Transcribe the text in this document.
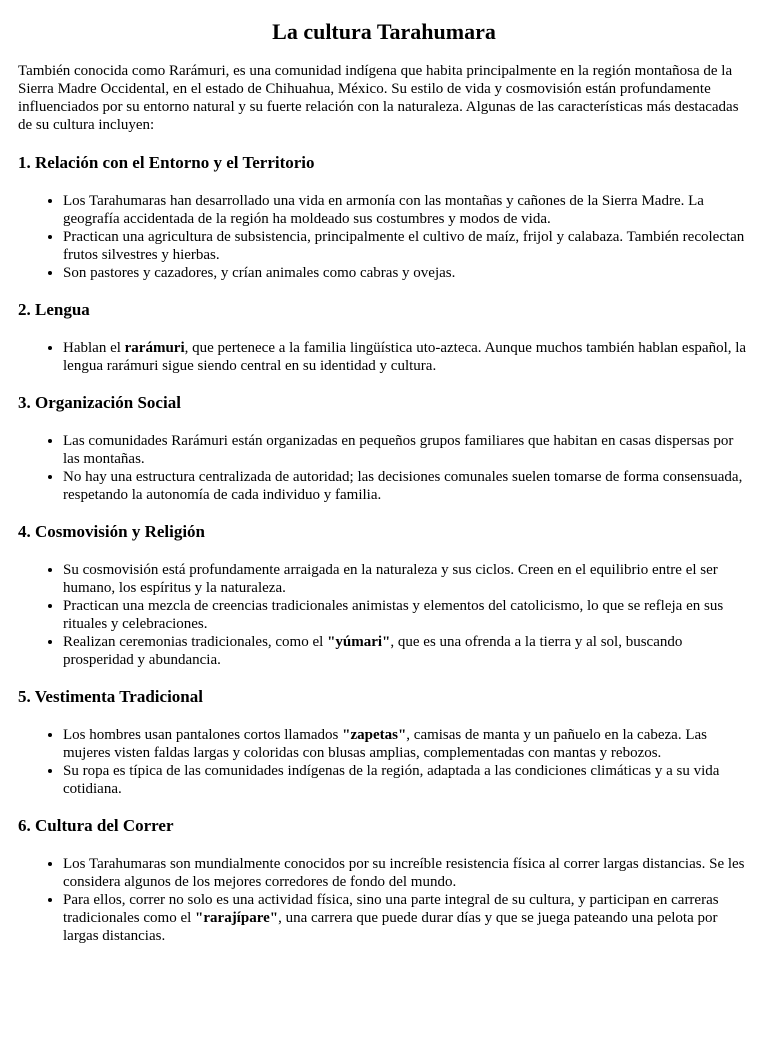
La cultura Tarahumara

También conocida como Rarámuri, es una comunidad indígena que habita principalmente en la región montañosa de la Sierra Madre Occidental, en el estado de Chihuahua, México. Su estilo de vida y cosmovisión están profundamente influenciados por su entorno natural y su fuerte relación con la naturaleza. Algunas de las características más destacadas de su cultura incluyen:

1. Relación con el Entorno y el Territorio
• Los Tarahumaras han desarrollado una vida en armonía con las montañas y cañones de la Sierra Madre. La geografía accidentada de la región ha moldeado sus costumbres y modos de vida.
• Practican una agricultura de subsistencia, principalmente el cultivo de maíz, frijol y calabaza. También recolectan frutos silvestres y hierbas.
• Son pastores y cazadores, y crían animales como cabras y ovejas.
2. Lengua
• Hablan el rarámuri, que pertenece a la familia lingüística uto-azteca. Aunque muchos también hablan español, la lengua rarámuri sigue siendo central en su identidad y cultura.
3. Organización Social
• Las comunidades Rarámuri están organizadas en pequeños grupos familiares que habitan en casas dispersas por las montañas.
• No hay una estructura centralizada de autoridad; las decisiones comunales suelen tomarse de forma consensuada, respetando la autonomía de cada individuo y familia.
4. Cosmovisión y Religión
• Su cosmovisión está profundamente arraigada en la naturaleza y sus ciclos. Creen en el equilibrio entre el ser humano, los espíritus y la naturaleza.
• Practican una mezcla de creencias tradicionales animistas y elementos del catolicismo, lo que se refleja en sus rituales y celebraciones.
• Realizan ceremonias tradicionales, como el "yúmari", que es una ofrenda a la tierra y al sol, buscando prosperidad y abundancia.
5. Vestimenta Tradicional
• Los hombres usan pantalones cortos llamados "zapetas", camisas de manta y un pañuelo en la cabeza. Las mujeres visten faldas largas y coloridas con blusas amplias, complementadas con mantas y rebozos.
• Su ropa es típica de las comunidades indígenas de la región, adaptada a las condiciones climáticas y a su vida cotidiana.
6. Cultura del Correr
• Los Tarahumaras son mundialmente conocidos por su increíble resistencia física al correr largas distancias. Se les considera algunos de los mejores corredores de fondo del mundo.
• Para ellos, correr no solo es una actividad física, sino una parte integral de su cultura, y participan en carreras tradicionales como el "rarajípare", una carrera que puede durar días y que se juega pateando una pelota por largas distancias.
